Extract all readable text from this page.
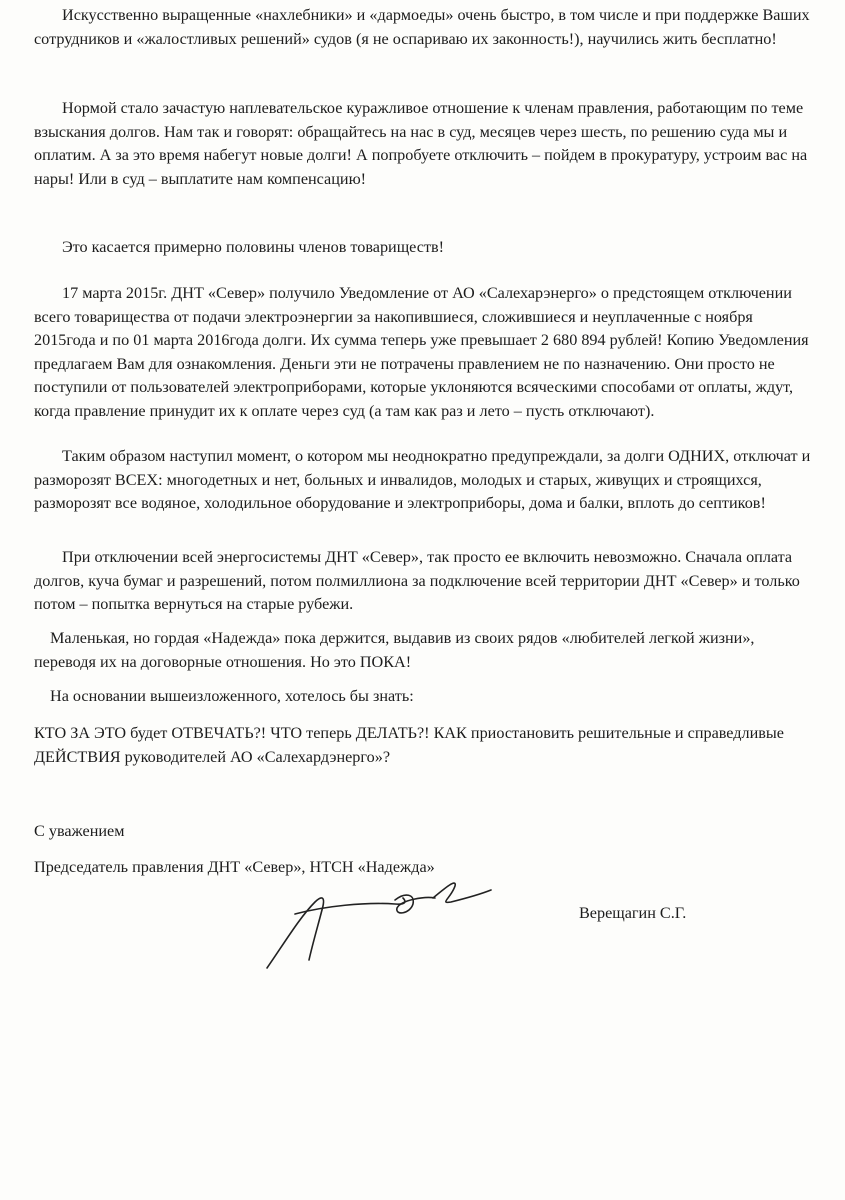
Искусственно выращенные «нахлебники» и «дармоеды» очень быстро, в том числе и при поддержке Ваших сотрудников и «жалостливых решений» судов (я не оспариваю их законность!), научились жить бесплатно!

Нормой стало зачастую наплевательское куражливое отношение к членам правления, работающим по теме взыскания долгов. Нам так и говорят: обращайтесь на нас в суд, месяцев через шесть, по решению суда мы и оплатим. А за это время набегут новые долги! А попробуете отключить – пойдем в прокуратуру, устроим вас на нары! Или в суд – выплатите нам компенсацию!

Это касается примерно половины членов товариществ!

17 марта 2015г. ДНТ «Север» получило Уведомление от АО «Салехарэнерго» о предстоящем отключении всего товарищества от подачи электроэнергии за накопившиеся, сложившиеся и неуплаченные с ноября 2015года и по 01 марта 2016года долги. Их сумма теперь уже превышает 2 680 894 рублей! Копию Уведомления предлагаем Вам для ознакомления. Деньги эти не потрачены правлением не по назначению. Они просто не поступили от пользователей электроприборами, которые уклоняются всяческими способами от оплаты, ждут, когда правление принудит их к оплате через суд (а там как раз и лето – пусть отключают).

Таким образом наступил момент, о котором мы неоднократно предупреждали, за долги ОДНИХ, отключат и разморозят ВСЕХ: многодетных и нет, больных и инвалидов, молодых и старых, живущих и строящихся, разморозят все водяное, холодильное оборудование и электроприборы, дома и балки, вплоть до септиков!

При отключении всей энергосистемы ДНТ «Север», так просто ее включить невозможно. Сначала оплата долгов, куча бумаг и разрешений, потом полмиллиона за подключение всей территории ДНТ «Север» и только потом – попытка вернуться на старые рубежи.

Маленькая, но гордая «Надежда» пока держится, выдавив из своих рядов «любителей легкой жизни», переводя их на договорные отношения. Но это ПОКА!

На основании вышеизложенного, хотелось бы знать:

КТО ЗА ЭТО будет ОТВЕЧАТЬ?! ЧТО теперь ДЕЛАТЬ?! КАК приостановить решительные и справедливые ДЕЙСТВИЯ руководителей АО «Салехардэнерго»?

С уважением
Председатель правления ДНТ «Север», НТСН «Надежда»
Верещагин С.Г.
